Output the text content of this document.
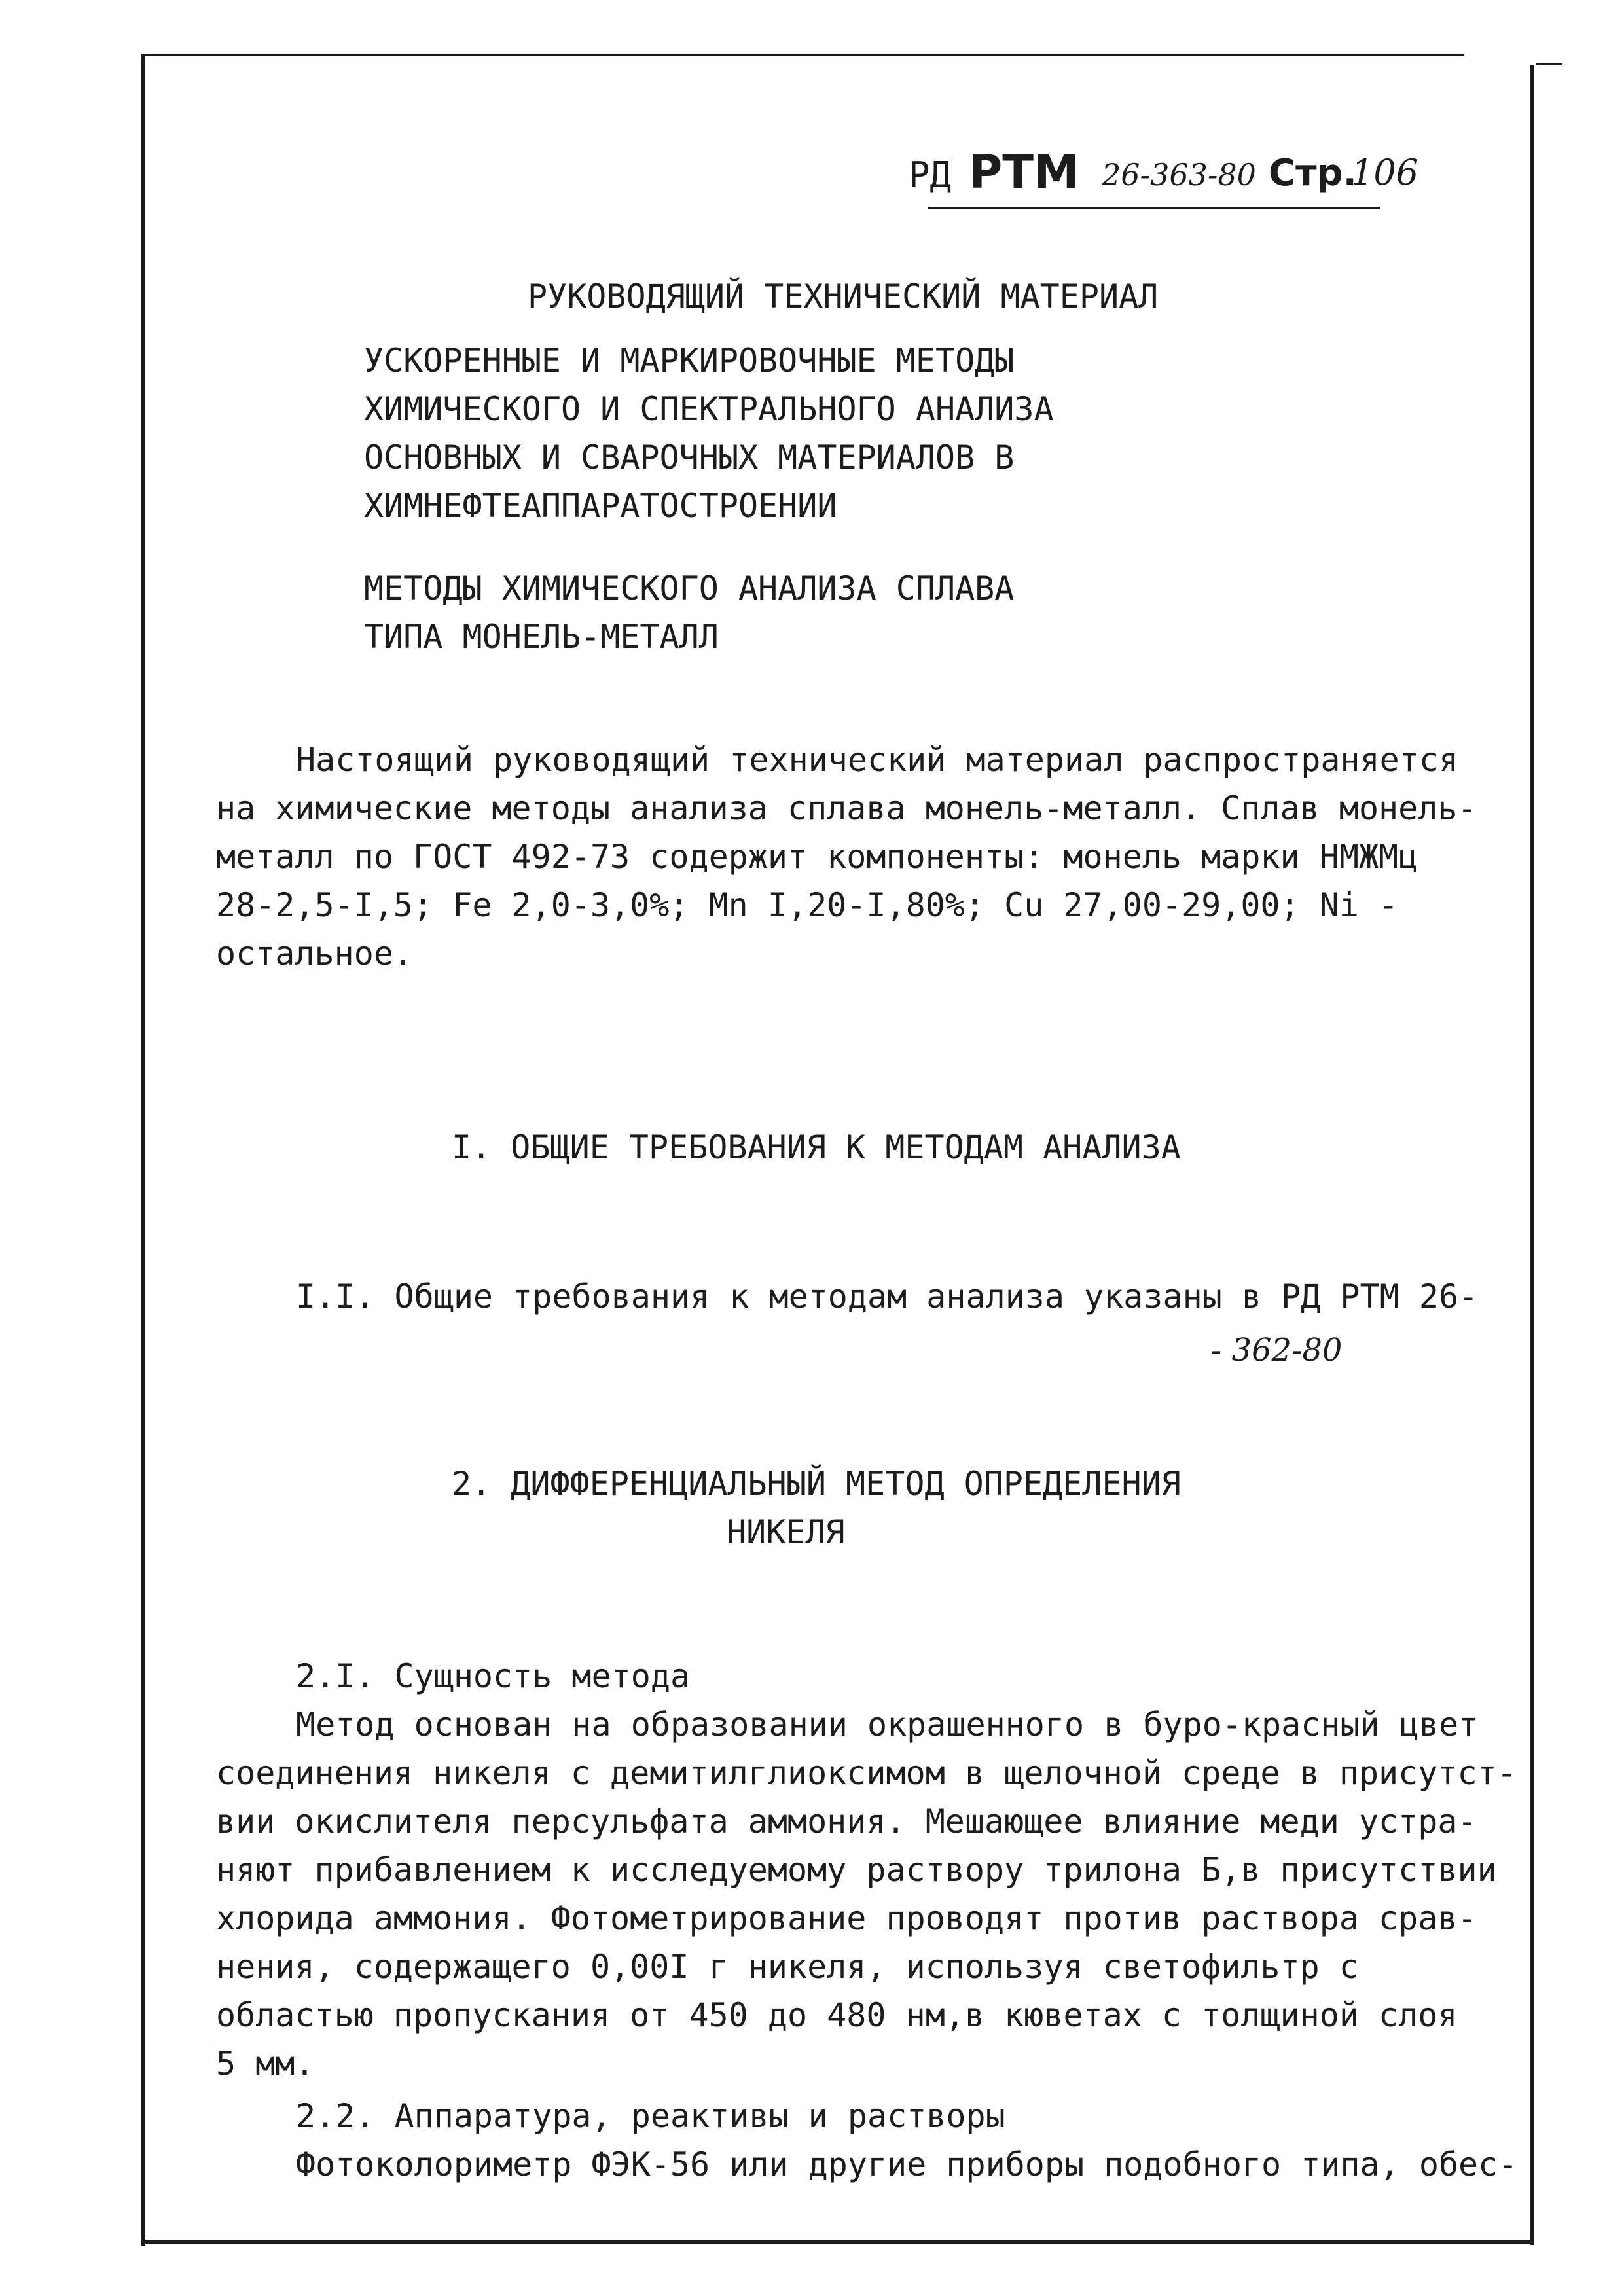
РД РТМ 26-363-80 Стр.
106
РУКОВОДЯЩИЙ ТЕХНИЧЕСКИЙ МАТЕРИАЛ
УСКОРЕННЫЕ И МАРКИРОВОЧНЫЕ МЕТОДЫ
ХИМИЧЕСКОГО И СПЕКТРАЛЬНОГО АНАЛИЗА
ОСНОВНЫХ И СВАРОЧНЫХ МАТЕРИАЛОВ В
ХИМНЕФТЕАППАРАТОСТРОЕНИИ
МЕТОДЫ ХИМИЧЕСКОГО АНАЛИЗА СПЛАВА
ТИПА МОНЕЛЬ-МЕТАЛЛ
Настоящий руководящий технический материал распространяется
на химические методы анализа сплава монель-металл. Сплав монель-
металл по ГОСТ 492-73 содержит компоненты: монель марки НМЖМц
28-2,5-I,5; Fe 2,0-3,0%; Mn I,20-I,80%; Cu 27,00-29,00; Ni -
остальное.
I. ОБЩИЕ ТРЕБОВАНИЯ К МЕТОДАМ АНАЛИЗА
I.I. Общие требования к методам анализа указаны в РД РТМ 26-
- 362-80
2. ДИФФЕРЕНЦИАЛЬНЫЙ МЕТОД ОПРЕДЕЛЕНИЯ
НИКЕЛЯ
2.I. Сущность метода
Метод основан на образовании окрашенного в буро-красный цвет
соединения никеля с демитилглиоксимом в щелочной среде в присутст-
вии окислителя персульфата аммония. Мешающее влияние меди устра-
няют прибавлением к исследуемому раствору трилона Б,в присутствии
хлорида аммония. Фотометрирование проводят против раствора срав-
нения, содержащего 0,00I г никеля, используя светофильтр с
областью пропускания от 450 до 480 нм,в кюветах с толщиной слоя
5 мм.
2.2. Аппаратура, реактивы и растворы
Фотоколориметр ФЭК-56 или другие приборы подобного типа, обес-
